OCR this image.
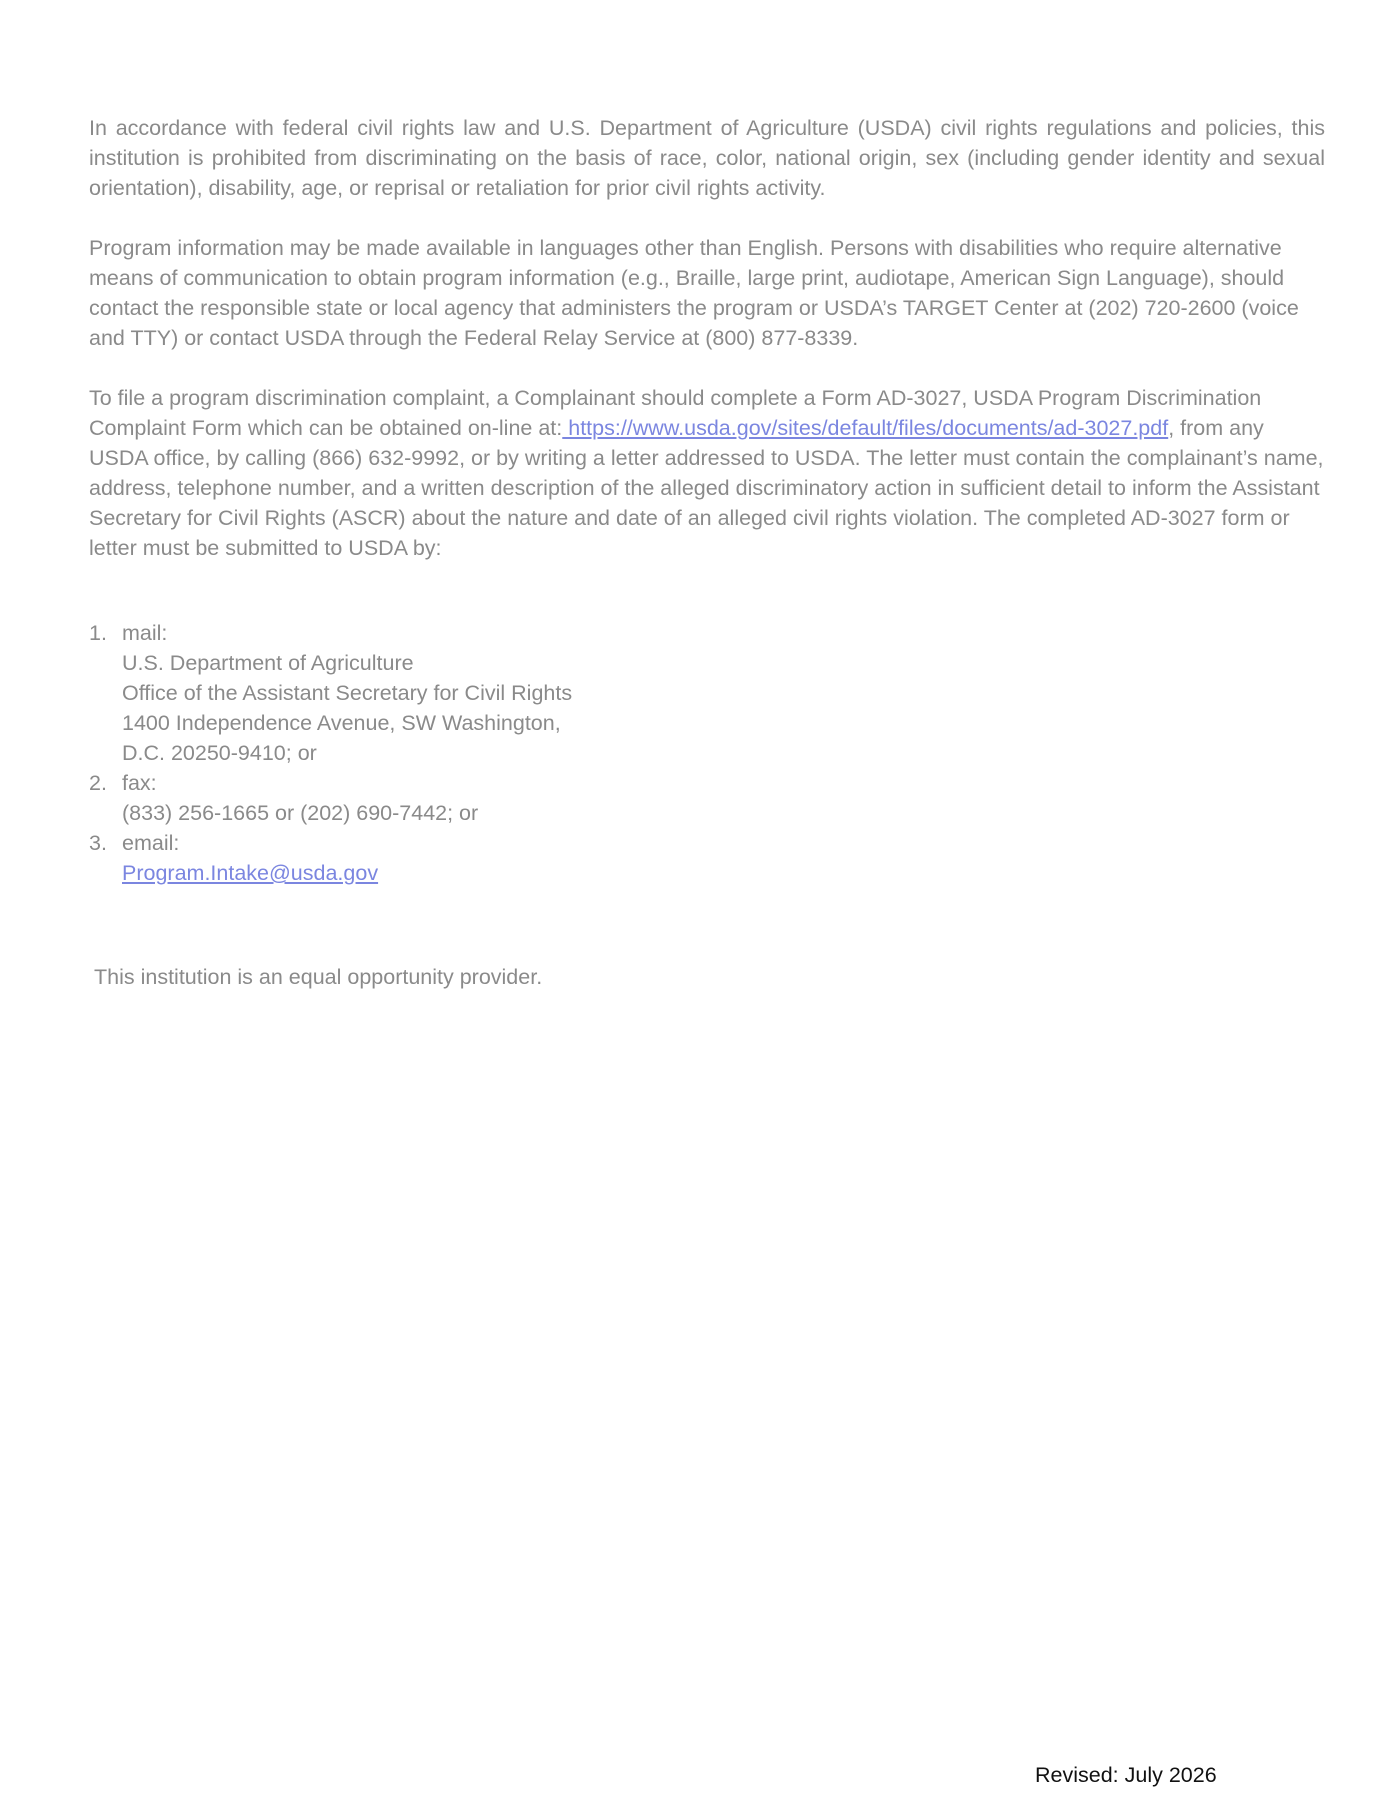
In accordance with federal civil rights law and U.S. Department of Agriculture (USDA) civil rights regulations and policies, this institution is prohibited from discriminating on the basis of race, color, national origin, sex (including gender identity and sexual orientation), disability, age, or reprisal or retaliation for prior civil rights activity.

Program information may be made available in languages other than English. Persons with disabilities who require alternative means of communication to obtain program information (e.g., Braille, large print, audiotape, American Sign Language), should contact the responsible state or local agency that administers the program or USDA’s TARGET Center at (202) 720-2600 (voice and TTY) or contact USDA through the Federal Relay Service at (800) 877-8339.

To file a program discrimination complaint, a Complainant should complete a Form AD-3027, USDA Program Discrimination Complaint Form which can be obtained on-line at: https://www.usda.gov/sites/default/files/documents/ad-3027.pdf, from any USDA office, by calling (866) 632-9992, or by writing a letter addressed to USDA. The letter must contain the complainant’s name, address, telephone number, and a written description of the alleged discriminatory action in sufficient detail to inform the Assistant Secretary for Civil Rights (ASCR) about the nature and date of an alleged civil rights violation. The completed AD-3027 form or letter must be submitted to USDA by:

1. mail:
U.S. Department of Agriculture
Office of the Assistant Secretary for Civil Rights
1400 Independence Avenue, SW Washington,
D.C. 20250-9410; or
2. fax:
(833) 256-1665 or (202) 690-7442; or
3. email:
Program.Intake@usda.gov
This institution is an equal opportunity provider.
Revised: July 2026
